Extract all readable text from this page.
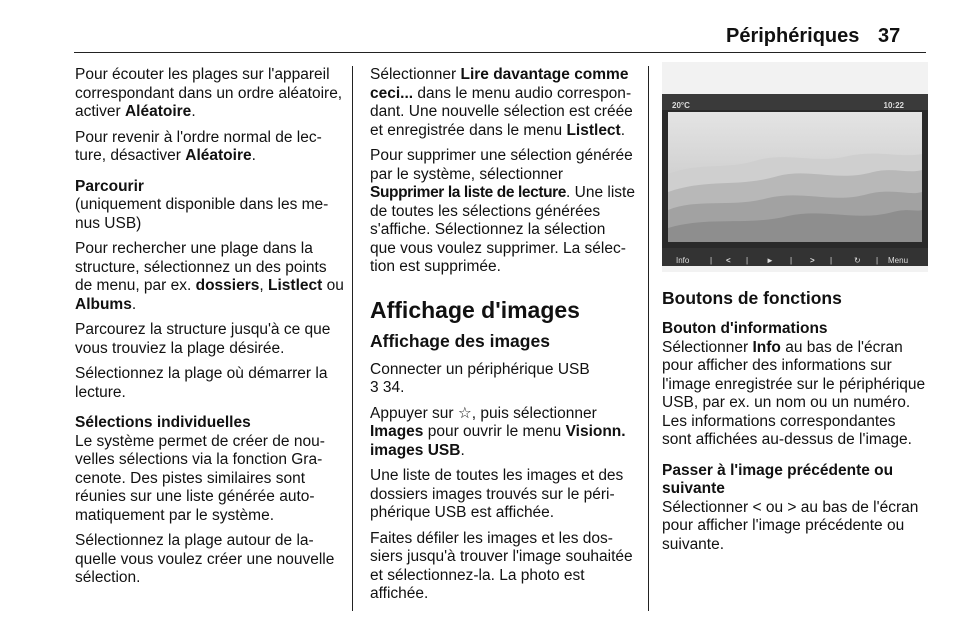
Périphériques 37

Pour écouter les plages sur l'appareil correspondant dans un ordre aléatoire, activer Aléatoire.

Pour revenir à l'ordre normal de lecture, désactiver Aléatoire.

Parcourir
(uniquement disponible dans les menus USB)

Pour rechercher une plage dans la structure, sélectionnez un des points de menu, par ex. dossiers, Listlect ou Albums.

Parcourez la structure jusqu'à ce que vous trouviez la plage désirée.

Sélectionnez la plage où démarrer la lecture.

Sélections individuelles
Le système permet de créer de nouvelles sélections via la fonction Gracenote. Des pistes similaires sont réunies sur une liste générée automatiquement par le système.

Sélectionnez la plage autour de laquelle vous voulez créer une nouvelle sélection.

Sélectionner Lire davantage comme ceci... dans le menu audio correspondant. Une nouvelle sélection est créée et enregistrée dans le menu Listlect.

Pour supprimer une sélection générée par le système, sélectionner Supprimer la liste de lecture. Une liste de toutes les sélections générées s'affiche. Sélectionnez la sélection que vous voulez supprimer. La sélection est supprimée.

Affichage d'images
Affichage des images

Connecter un périphérique USB
3 34.

Appuyer sur ☆, puis sélectionner Images pour ouvrir le menu Visionn. images USB.

Une liste de toutes les images et des dossiers images trouvés sur le périphérique USB est affichée.

Faites défiler les images et les dossiers jusqu'à trouver l'image souhaitée et sélectionnez-la. La photo est affichée.

20°C	10:22
Info	| < | ► | > |	↻ | Menu
Boutons de fonctions

Bouton d'informations
Sélectionner Info au bas de l'écran pour afficher des informations sur l'image enregistrée sur le périphérique USB, par ex. un nom ou un numéro. Les informations correspondantes sont affichées au-dessus de l'image.

Passer à l'image précédente ou suivante
Sélectionner < ou > au bas de l'écran pour afficher l'image précédente ou suivante.
